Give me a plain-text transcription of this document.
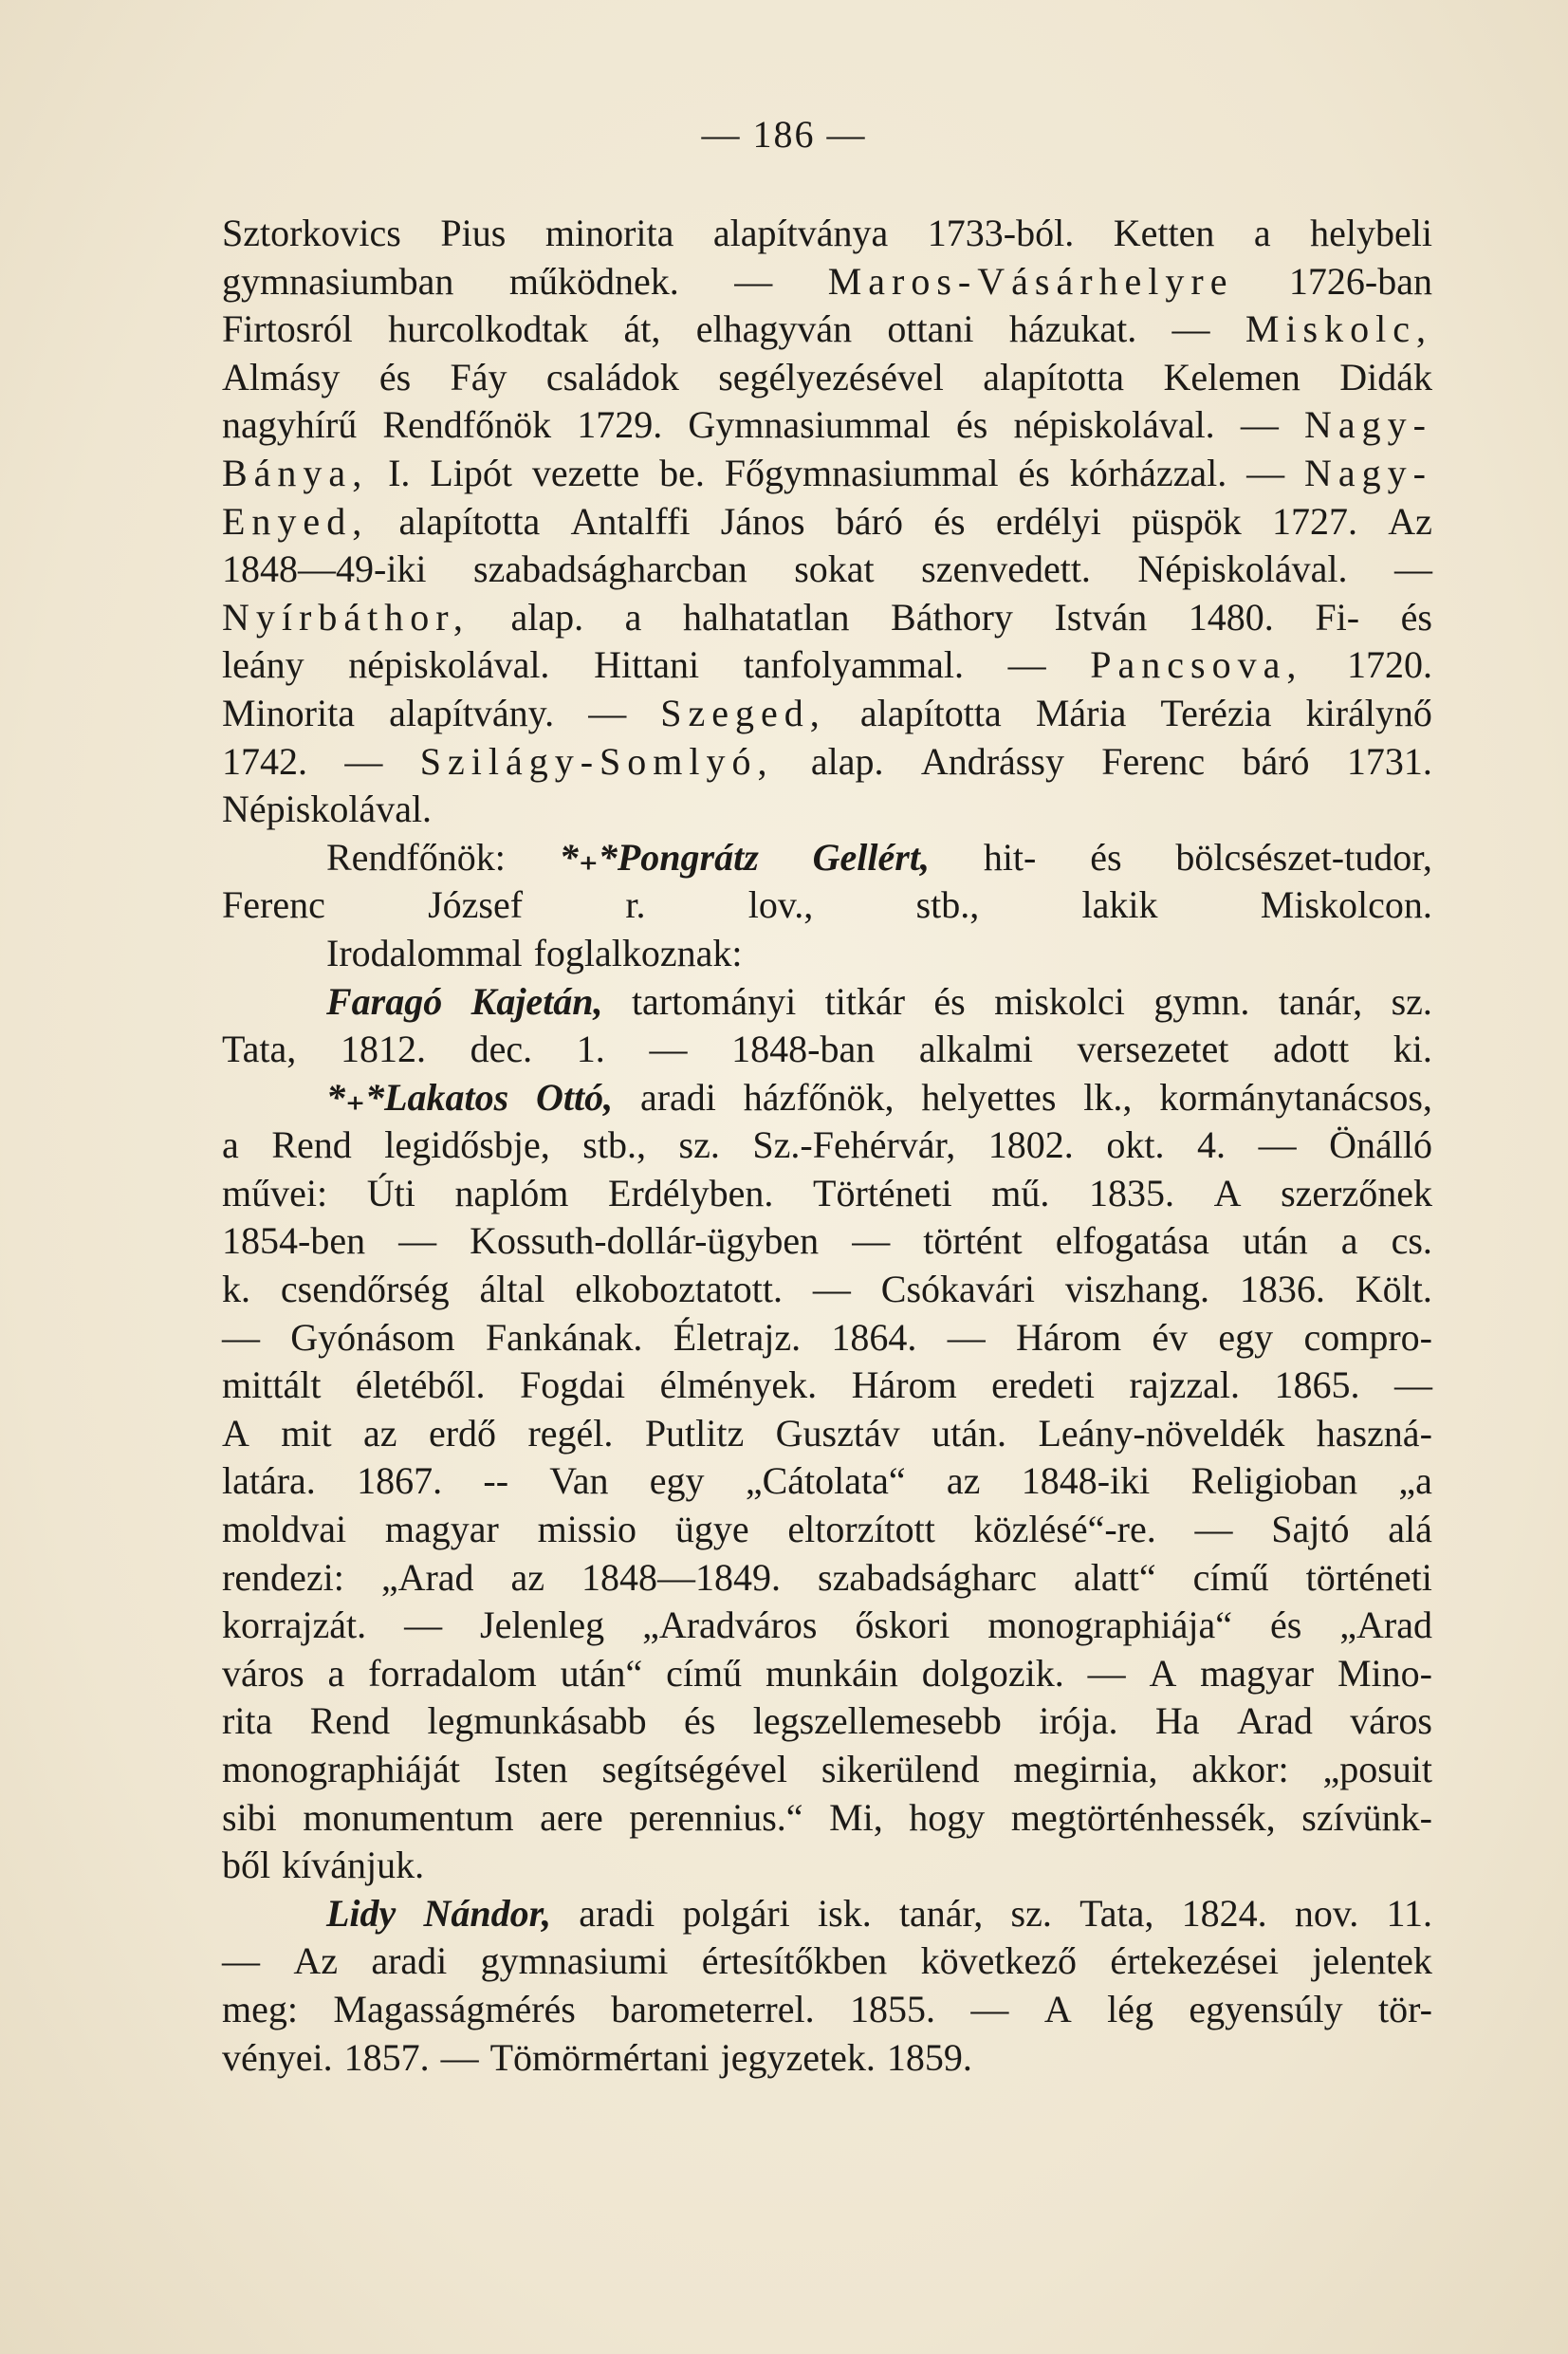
— 186 —
Sztorkovics Pius minorita alapítványa 1733-ból. Ketten a helybeli
gymnasiumban működnek. — Maros-Vásárhelyre 1726-ban
Firtosról hurcolkodtak át, elhagyván ottani házukat. — Miskolc,
Almásy és Fáy családok segélyezésével alapította Kelemen Didák
nagyhírű Rendfőnök 1729. Gymnasiummal és népiskolával. — Nagy-
Bánya, I. Lipót vezette be. Főgymnasiummal és kórházzal. — Nagy-
Enyed, alapította Antalffi János báró és erdélyi püspök 1727. Az
1848—49-iki szabadságharcban sokat szenvedett. Népiskolával. —
Nyírbáthor, alap. a halhatatlan Báthory István 1480. Fi- és
leány népiskolával. Hittani tanfolyammal. — Pancsova, 1720.
Minorita alapítvány. — Szeged, alapította Mária Terézia királynő
1742. — Szilágy-Somlyó, alap. Andrássy Ferenc báró 1731.
Népiskolával.
Rendfőnök: *₊*Pongrátz Gellért, hit- és bölcsészet-tudor,
Ferenc	József	r.	lov.,	stb.,	lakik	Miskolcon.
Irodalommal foglalkoznak:
Faragó Kajetán, tartományi titkár és miskolci gymn. tanár, sz.
Tata, 1812. dec. 1. — 1848-ban alkalmi versezetet adott ki.
*₊*Lakatos Ottó, aradi házfőnök, helyettes lk., kormánytanácsos,
a Rend legidősbje, stb., sz. Sz.-Fehérvár, 1802. okt. 4. — Önálló
művei: Úti naplóm Erdélyben. Történeti mű. 1835. A szerzőnek
1854-ben — Kossuth-dollár-ügyben — történt elfogatása után a cs.
k. csendőrség által elkoboztatott. — Csókavári viszhang. 1836. Költ.
— Gyónásom Fankának. Életrajz. 1864. — Három év egy compro-
mittált életéből. Fogdai élmények. Három eredeti rajzzal. 1865. —
A mit az erdő regél. Putlitz Gusztáv után. Leány-növeldék haszná-
latára. 1867. -- Van egy „Cátolata“ az 1848-iki Religioban „a
moldvai magyar missio ügye eltorzított közlésé“-re. — Sajtó alá
rendezi: „Arad az 1848—1849. szabadságharc alatt“ című történeti
korrajzát. — Jelenleg „Aradváros őskori monographiája“ és „Arad
város a forradalom után“ című munkáin dolgozik. — A magyar Mino-
rita Rend legmunkásabb és legszellemesebb irója. Ha Arad város
monographiáját Isten segítségével sikerülend megirnia, akkor: „posuit
sibi monumentum aere perennius.“ Mi, hogy megtörténhessék, szívünk-
ből kívánjuk.
Lidy Nándor, aradi polgári isk. tanár, sz. Tata, 1824. nov. 11.
— Az aradi gymnasiumi értesítőkben következő értekezései jelentek
meg: Magasságmérés barometerrel. 1855. — A lég egyensúly tör-
vényei. 1857. — Tömörmértani jegyzetek. 1859.
